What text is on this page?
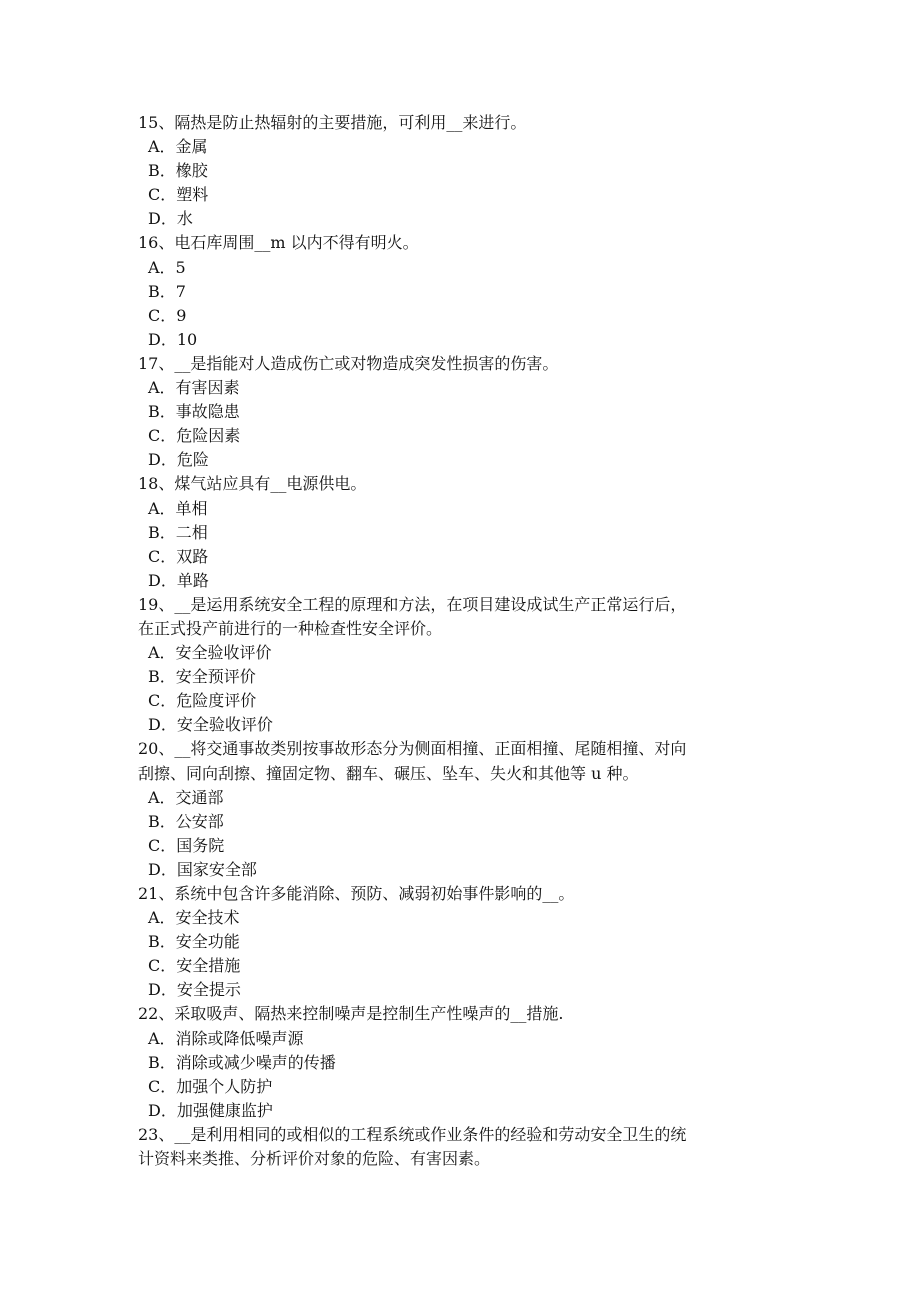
15、隔热是防止热辐射的主要措施，可利用__来进行。
A．金属
B．橡胶
C．塑料
D．水
16、电石库周围__m 以内不得有明火。
A．5
B．7
C．9
D．10
17、__是指能对人造成伤亡或对物造成突发性损害的伤害。
A．有害因素
B．事故隐患
C．危险因素
D．危险
18、煤气站应具有__电源供电。
A．单相
B．二相
C．双路
D．单路
19、__是运用系统安全工程的原理和方法，在项目建设成试生产正常运行后，
在正式投产前进行的一种检查性安全评价。
A．安全验收评价
B．安全预评价
C．危险度评价
D．安全验收评价
20、__将交通事故类别按事故形态分为侧面相撞、正面相撞、尾随相撞、对向
刮擦、同向刮擦、撞固定物、翻车、碾压、坠车、失火和其他等 u 种。
A．交通部
B．公安部
C．国务院
D．国家安全部
21、系统中包含许多能消除、预防、减弱初始事件影响的__。
A．安全技术
B．安全功能
C．安全措施
D．安全提示
22、采取吸声、隔热来控制噪声是控制生产性噪声的__措施.
A．消除或降低噪声源
B．消除或减少噪声的传播
C．加强个人防护
D．加强健康监护
23、__是利用相同的或相似的工程系统或作业条件的经验和劳动安全卫生的统
计资料来类推、分析评价对象的危险、有害因素。
